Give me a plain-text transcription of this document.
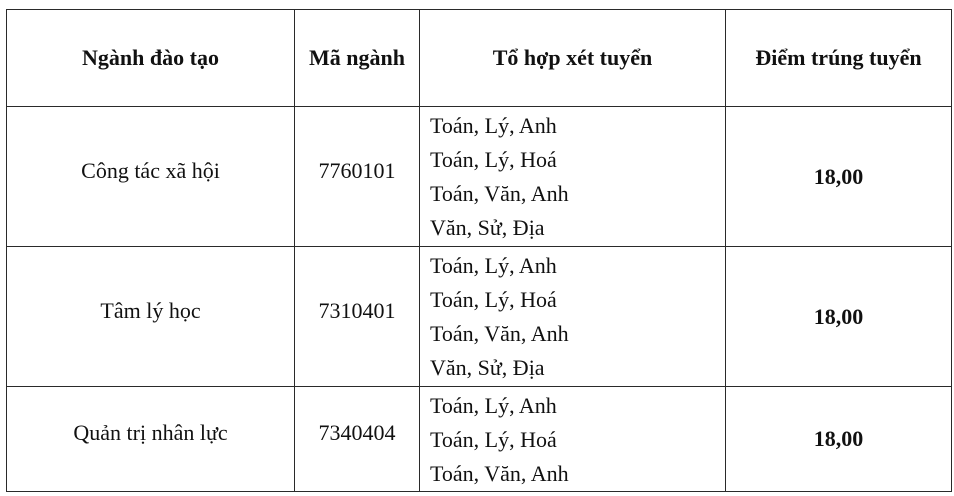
Ngành đào tạo	Mã ngành	Tổ hợp xét tuyển	Điểm trúng tuyển
Công tác xã hội	7760101	Toán, Lý, Anh
Toán, Lý, Hoá
Toán, Văn, Anh
Văn, Sử, Địa	18,00
Tâm lý học	7310401	Toán, Lý, Anh
Toán, Lý, Hoá
Toán, Văn, Anh
Văn, Sử, Địa	18,00
Quản trị nhân lực	7340404	Toán, Lý, Anh
Toán, Lý, Hoá
Toán, Văn, Anh	18,00
